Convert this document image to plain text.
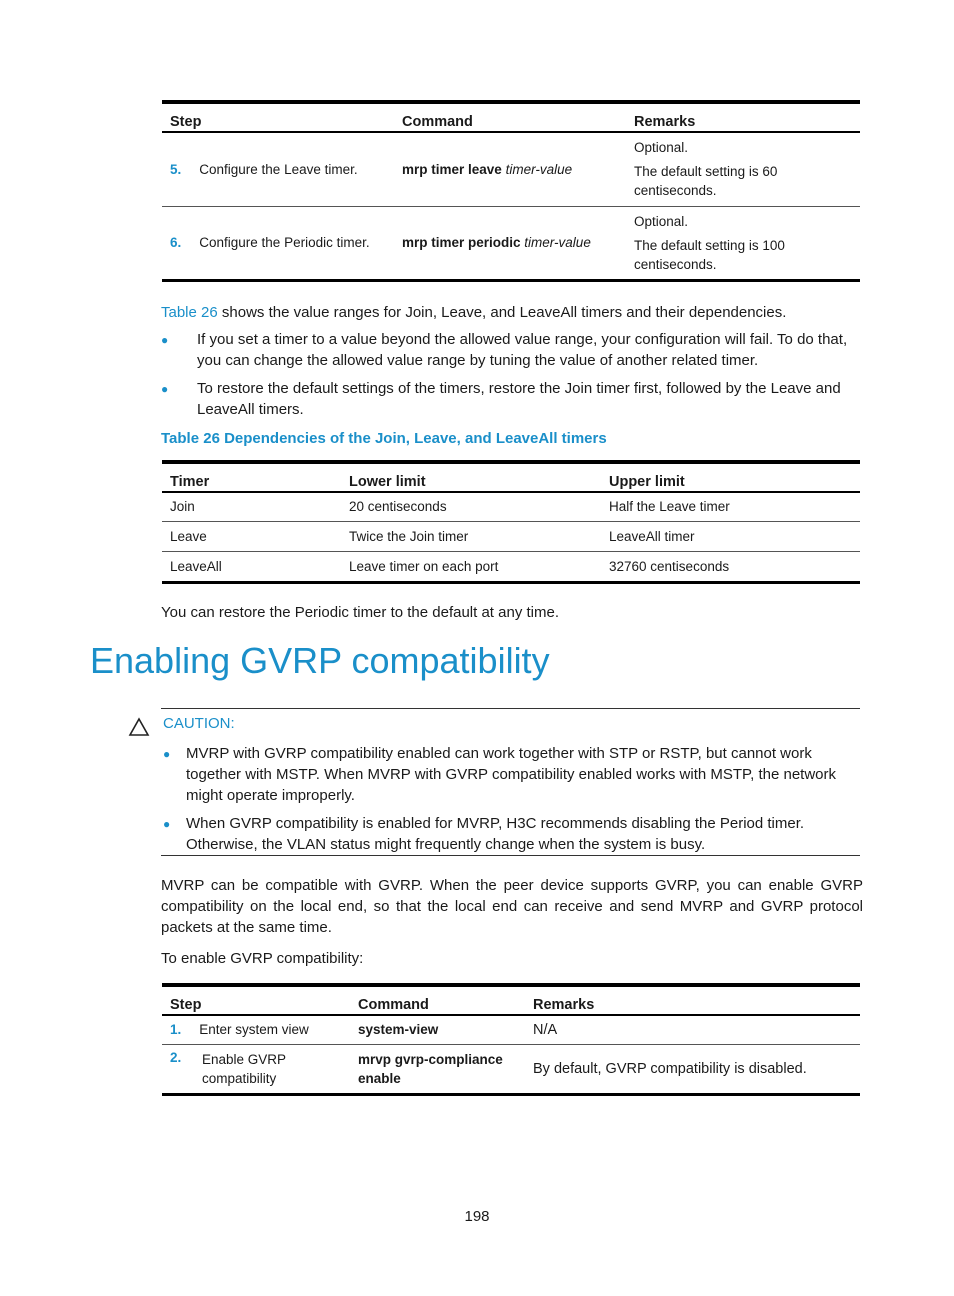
Step	Command	Remarks
5. Configure the Leave timer.	mrp timer leave timer-value	Optional.

The default setting is 60 centiseconds.

6. Configure the Periodic timer.	mrp timer periodic timer-value	Optional.

The default setting is 100 centiseconds.

Table 26 shows the value ranges for Join, Leave, and LeaveAll timers and their dependencies.
● If you set a timer to a value beyond the allowed value range, your configuration will fail. To do that, you can change the allowed value range by tuning the value of another related timer.
● To restore the default settings of the timers, restore the Join timer first, followed by the Leave and LeaveAll timers.
Table 26 Dependencies of the Join, Leave, and LeaveAll timers
Timer	Lower limit	Upper limit
Join	20 centiseconds	Half the Leave timer
Leave	Twice the Join timer	LeaveAll timer
LeaveAll	Leave timer on each port	32760 centiseconds
You can restore the Periodic timer to the default at any time.
Enabling GVRP compatibility
CAUTION:
● MVRP with GVRP compatibility enabled can work together with STP or RSTP, but cannot work together with MSTP. When MVRP with GVRP compatibility enabled works with MSTP, the network might operate improperly.
● When GVRP compatibility is enabled for MVRP, H3C recommends disabling the Period timer. Otherwise, the VLAN status might frequently change when the system is busy.
MVRP can be compatible with GVRP. When the peer device supports GVRP, you can enable GVRP compatibility on the local end, so that the local end can receive and send MVRP and GVRP protocol packets at the same time.
To enable GVRP compatibility:
Step	Command	Remarks
1. Enter system view	system-view	N/A

2. Enable GVRP compatibility	mrvp gvrp-compliance enable	By default, GVRP compatibility is disabled.
198
